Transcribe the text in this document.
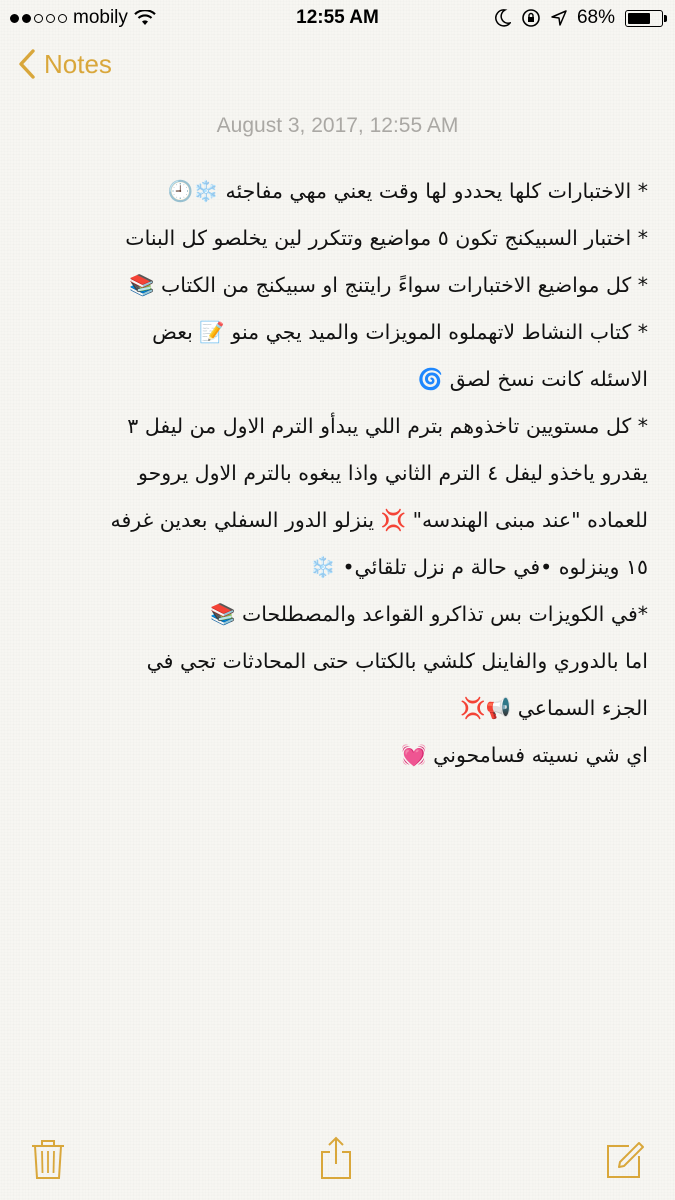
mobily	12:55 AM	68%
Notes
August 3, 2017, 12:55 AM
* الاختبارات كلها يحددو لها وقت يعني مهي مفاجئه ❄️🕘
* اختبار السبيكنج تكون ٥ مواضيع وتتكرر لين يخلصو كل البنات
* كل مواضيع الاختبارات سواءً رايتنج او سبيكنج من الكتاب 📚
* كتاب النشاط لاتهملوه المويزات والميد يجي منو 📝 بعض
الاسئله كانت نسخ لصق 🌀
* كل مستويين تاخذوهم بترم اللي يبدأو الترم الاول من ليفل ٣
يقدرو ياخذو ليفل ٤ الترم الثاني واذا يبغوه بالترم الاول يروحو
للعماده "عند مبنى الهندسه" 💢 ينزلو الدور السفلي بعدين غرفه
١٥ وينزلوه •في حالة م نزل تلقائي• ❄️
*في الكويزات بس تذاكرو القواعد والمصطلحات 📚
اما بالدوري والفاينل كلشي بالكتاب حتى المحادثات تجي في
الجزء السماعي 📢💢
اي شي نسيته فسامحوني 💓
